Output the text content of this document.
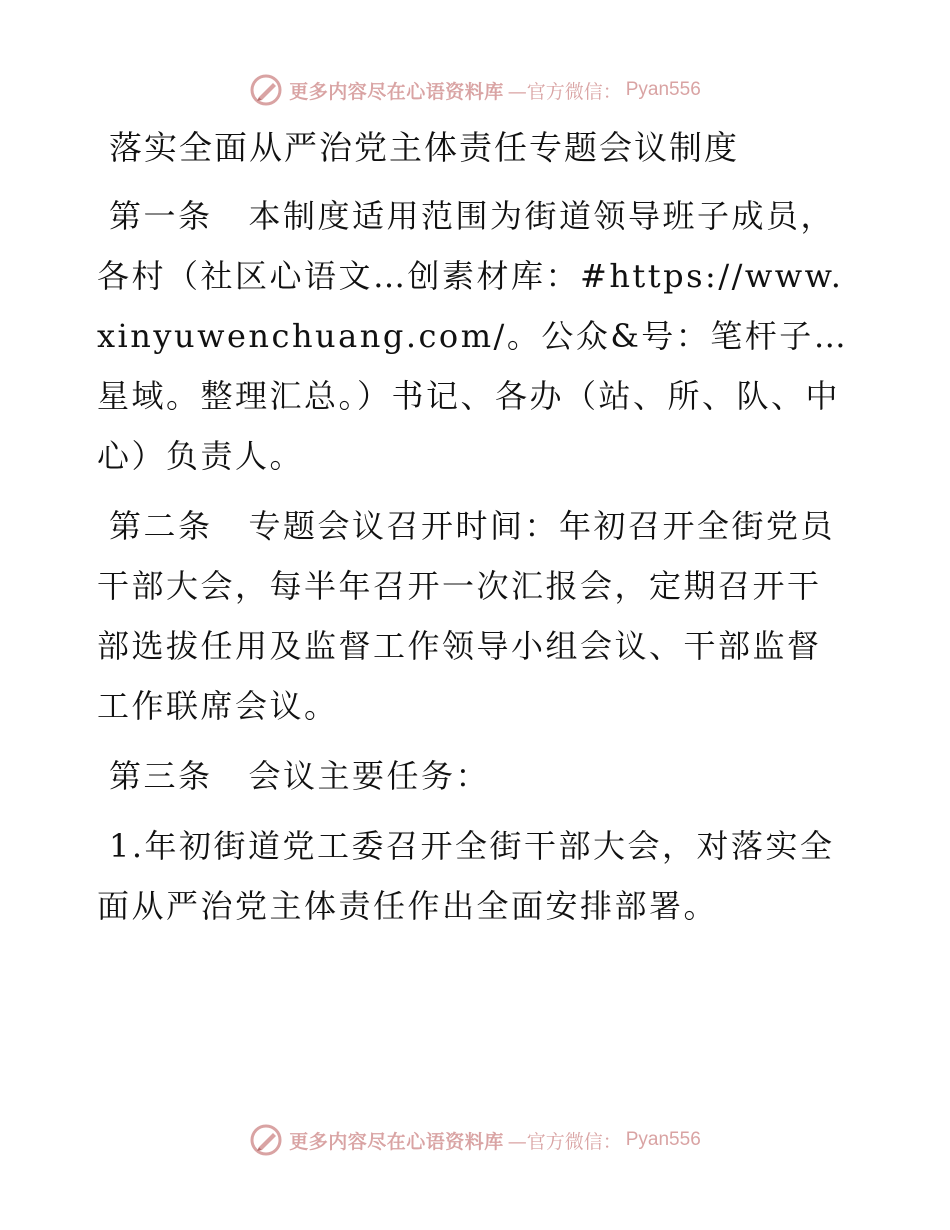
更多内容尽在心语资料库 —官方微信： Pyan556

落实全面从严治党主体责任专题会议制度

第一条 本制度适用范围为街道领导班子成员，各村（社区心语文…创素材库：#https://www.xinyuwenchuang.com/。公众&号：笔杆子…星域。整理汇总。）书记、各办（站、所、队、中心）负责人。

第二条 专题会议召开时间：年初召开全街党员干部大会，每半年召开一次汇报会，定期召开干部选拔任用及监督工作领导小组会议、干部监督工作联席会议。

第三条 会议主要任务：

1.年初街道党工委召开全街干部大会，对落实全面从严治党主体责任作出全面安排部署。

更多内容尽在心语资料库 —官方微信： Pyan556
